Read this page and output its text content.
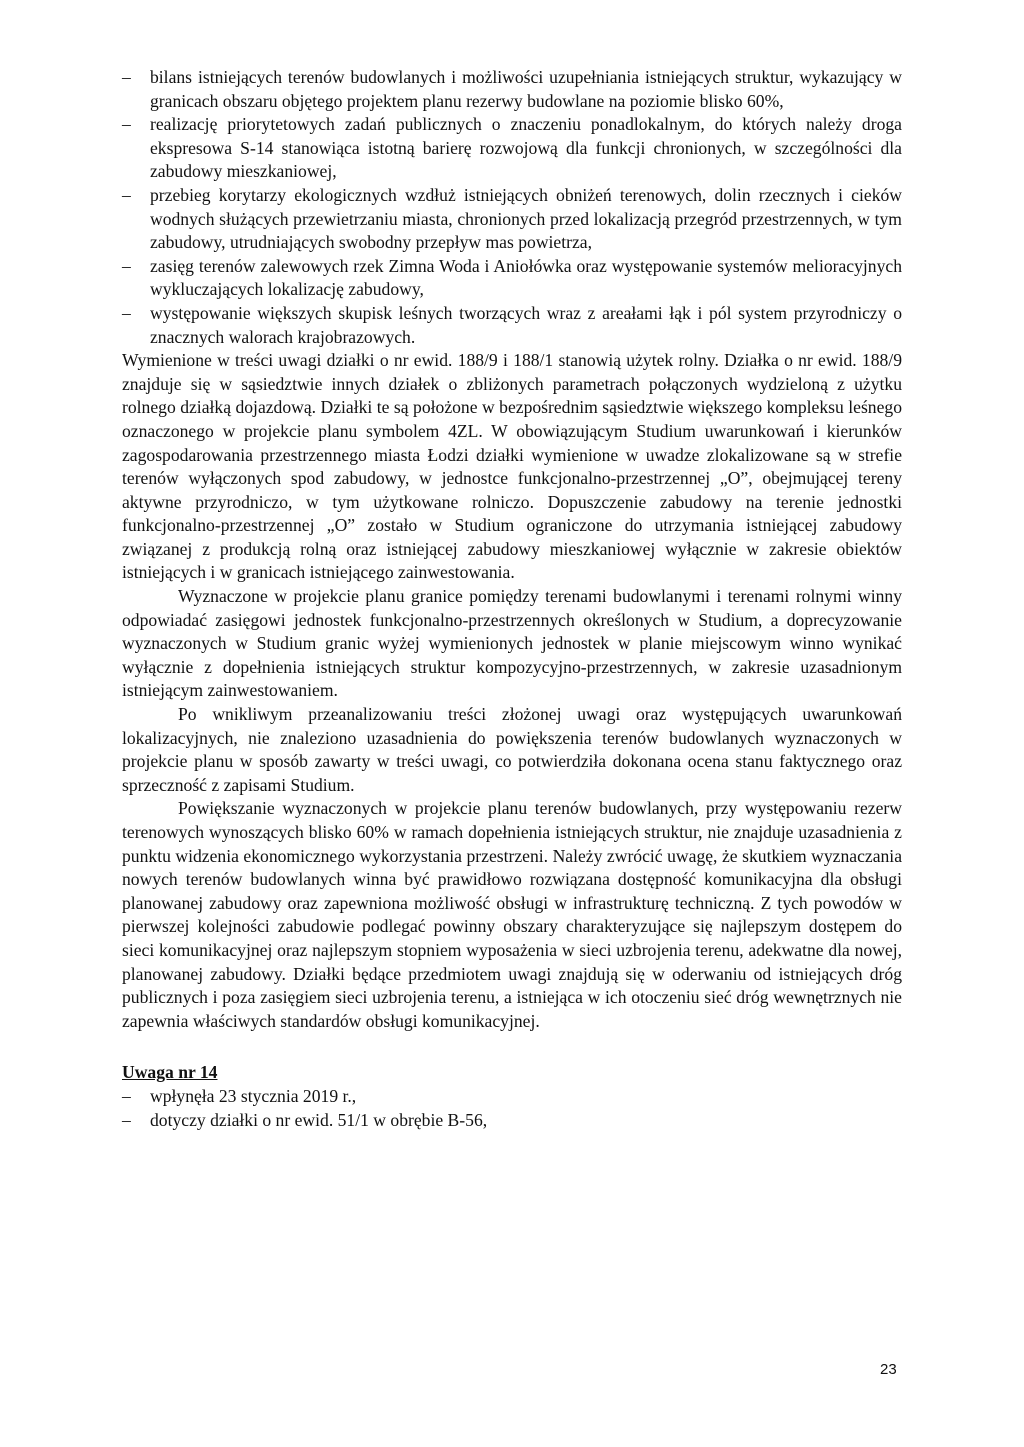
– bilans istniejących terenów budowlanych i możliwości uzupełniania istniejących struktur, wykazujący w granicach obszaru objętego projektem planu rezerwy budowlane na poziomie blisko 60%,
– realizację priorytetowych zadań publicznych o znaczeniu ponadlokalnym, do których należy droga ekspresowa S-14 stanowiąca istotną barierę rozwojową dla funkcji chronionych, w szczególności dla zabudowy mieszkaniowej,
– przebieg korytarzy ekologicznych wzdłuż istniejących obniżeń terenowych, dolin rzecznych i cieków wodnych służących przewietrzaniu miasta, chronionych przed lokalizacją przegród przestrzennych, w tym zabudowy, utrudniających swobodny przepływ mas powietrza,
– zasięg terenów zalewowych rzek Zimna Woda i Aniołówka oraz występowanie systemów melioracyjnych wykluczających lokalizację zabudowy,
– występowanie większych skupisk leśnych tworzących wraz z areałami łąk i pól system przyrodniczy o znacznych walorach krajobrazowych.

Wymienione w treści uwagi działki o nr ewid. 188/9 i 188/1 stanowią użytek rolny. Działka o nr ewid. 188/9 znajduje się w sąsiedztwie innych działek o zbliżonych parametrach połączonych wydzieloną z użytku rolnego działką dojazdową. Działki te są położone w bezpośrednim sąsiedztwie większego kompleksu leśnego oznaczonego w projekcie planu symbolem 4ZL. W obowiązującym Studium uwarunkowań i kierunków zagospodarowania przestrzennego miasta Łodzi działki wymienione w uwadze zlokalizowane są w strefie terenów wyłączonych spod zabudowy, w jednostce funkcjonalno-przestrzennej „O”, obejmującej tereny aktywne przyrodniczo, w tym użytkowane rolniczo. Dopuszczenie zabudowy na terenie jednostki funkcjonalno-przestrzennej „O” zostało w Studium ograniczone do utrzymania istniejącej zabudowy związanej z produkcją rolną oraz istniejącej zabudowy mieszkaniowej wyłącznie w zakresie obiektów istniejących i w granicach istniejącego zainwestowania.

Wyznaczone w projekcie planu granice pomiędzy terenami budowlanymi i terenami rolnymi winny odpowiadać zasięgowi jednostek funkcjonalno-przestrzennych określonych w Studium, a doprecyzowanie wyznaczonych w Studium granic wyżej wymienionych jednostek w planie miejscowym winno wynikać wyłącznie z dopełnienia istniejących struktur kompozycyjno-przestrzennych, w zakresie uzasadnionym istniejącym zainwestowaniem.

Po wnikliwym przeanalizowaniu treści złożonej uwagi oraz występujących uwarunkowań lokalizacyjnych, nie znaleziono uzasadnienia do powiększenia terenów budowlanych wyznaczonych w projekcie planu w sposób zawarty w treści uwagi, co potwierdziła dokonana ocena stanu faktycznego oraz sprzeczność z zapisami Studium.

Powiększanie wyznaczonych w projekcie planu terenów budowlanych, przy występowaniu rezerw terenowych wynoszących blisko 60% w ramach dopełnienia istniejących struktur, nie znajduje uzasadnienia z punktu widzenia ekonomicznego wykorzystania przestrzeni. Należy zwrócić uwagę, że skutkiem wyznaczania nowych terenów budowlanych winna być prawidłowo rozwiązana dostępność komunikacyjna dla obsługi planowanej zabudowy oraz zapewniona możliwość obsługi w infrastrukturę techniczną. Z tych powodów w pierwszej kolejności zabudowie podlegać powinny obszary charakteryzujące się najlepszym dostępem do sieci komunikacyjnej oraz najlepszym stopniem wyposażenia w sieci uzbrojenia terenu, adekwatne dla nowej, planowanej zabudowy. Działki będące przedmiotem uwagi znajdują się w oderwaniu od istniejących dróg publicznych i poza zasięgiem sieci uzbrojenia terenu, a istniejąca w ich otoczeniu sieć dróg wewnętrznych nie zapewnia właściwych standardów obsługi komunikacyjnej.

Uwaga nr 14
– wpłynęła 23 stycznia 2019 r.,
– dotyczy działki o nr ewid. 51/1 w obrębie B-56,
23
